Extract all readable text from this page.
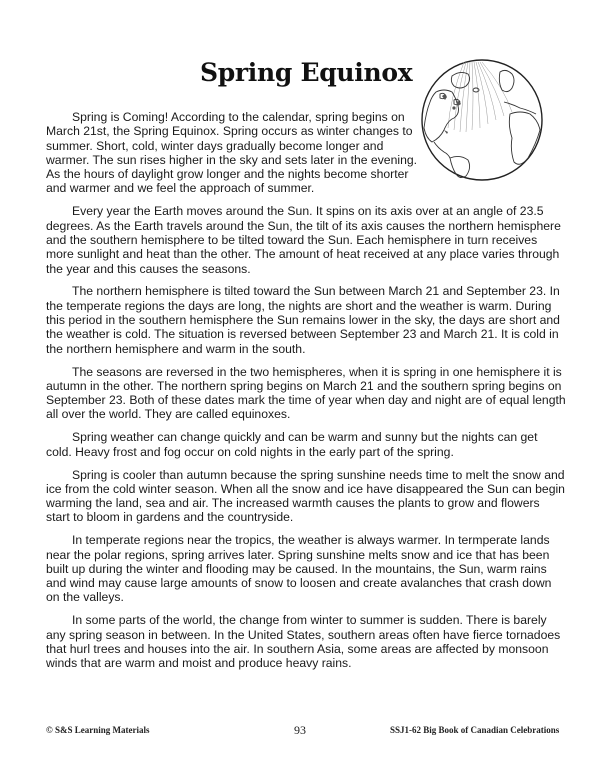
Spring Equinox

Spring is Coming! According to the calendar, spring begins on March 21st, the Spring Equinox. Spring occurs as winter changes to summer. Short, cold, winter days gradually become longer and warmer. The sun rises higher in the sky and sets later in the evening. As the hours of daylight grow longer and the nights become shorter and warmer and we feel the approach of summer.

Every year the Earth moves around the Sun. It spins on its axis over at an angle of 23.5 degrees. As the Earth travels around the Sun, the tilt of its axis causes the northern hemisphere and the southern hemisphere to be tilted toward the Sun. Each hemisphere in turn receives more sunlight and heat than the other. The amount of heat received at any place varies through the year and this causes the seasons.

The northern hemisphere is tilted toward the Sun between March 21 and September 23. In the temperate regions the days are long, the nights are short and the weather is warm. During this period in the southern hemisphere the Sun remains lower in the sky, the days are short and the weather is cold. The situation is reversed between September 23 and March 21. It is cold in the northern hemisphere and warm in the south.

The seasons are reversed in the two hemispheres, when it is spring in one hemisphere it is autumn in the other. The northern spring begins on March 21 and the southern spring begins on September 23. Both of these dates mark the time of year when day and night are of equal length all over the world. They are called equinoxes.

Spring weather can change quickly and can be warm and sunny but the nights can get cold. Heavy frost and fog occur on cold nights in the early part of the spring.

Spring is cooler than autumn because the spring sunshine needs time to melt the snow and ice from the cold winter season. When all the snow and ice have disappeared the Sun can begin warming the land, sea and air. The increased warmth causes the plants to grow and flowers start to bloom in gardens and the countryside.

In temperate regions near the tropics, the weather is always warmer. In termperate lands near the polar regions, spring arrives later. Spring sunshine melts snow and ice that has been built up during the winter and flooding may be caused. In the mountains, the Sun, warm rains and wind may cause large amounts of snow to loosen and create avalanches that crash down on the valleys.

In some parts of the world, the change from winter to summer is sudden. There is barely any spring season in between. In the United States, southern areas often have fierce tornadoes that hurl trees and houses into the air. In southern Asia, some areas are affected by monsoon winds that are warm and moist and produce heavy rains.

© S&S Learning Materials	93	SSJ1-62 Big Book of Canadian Celebrations
